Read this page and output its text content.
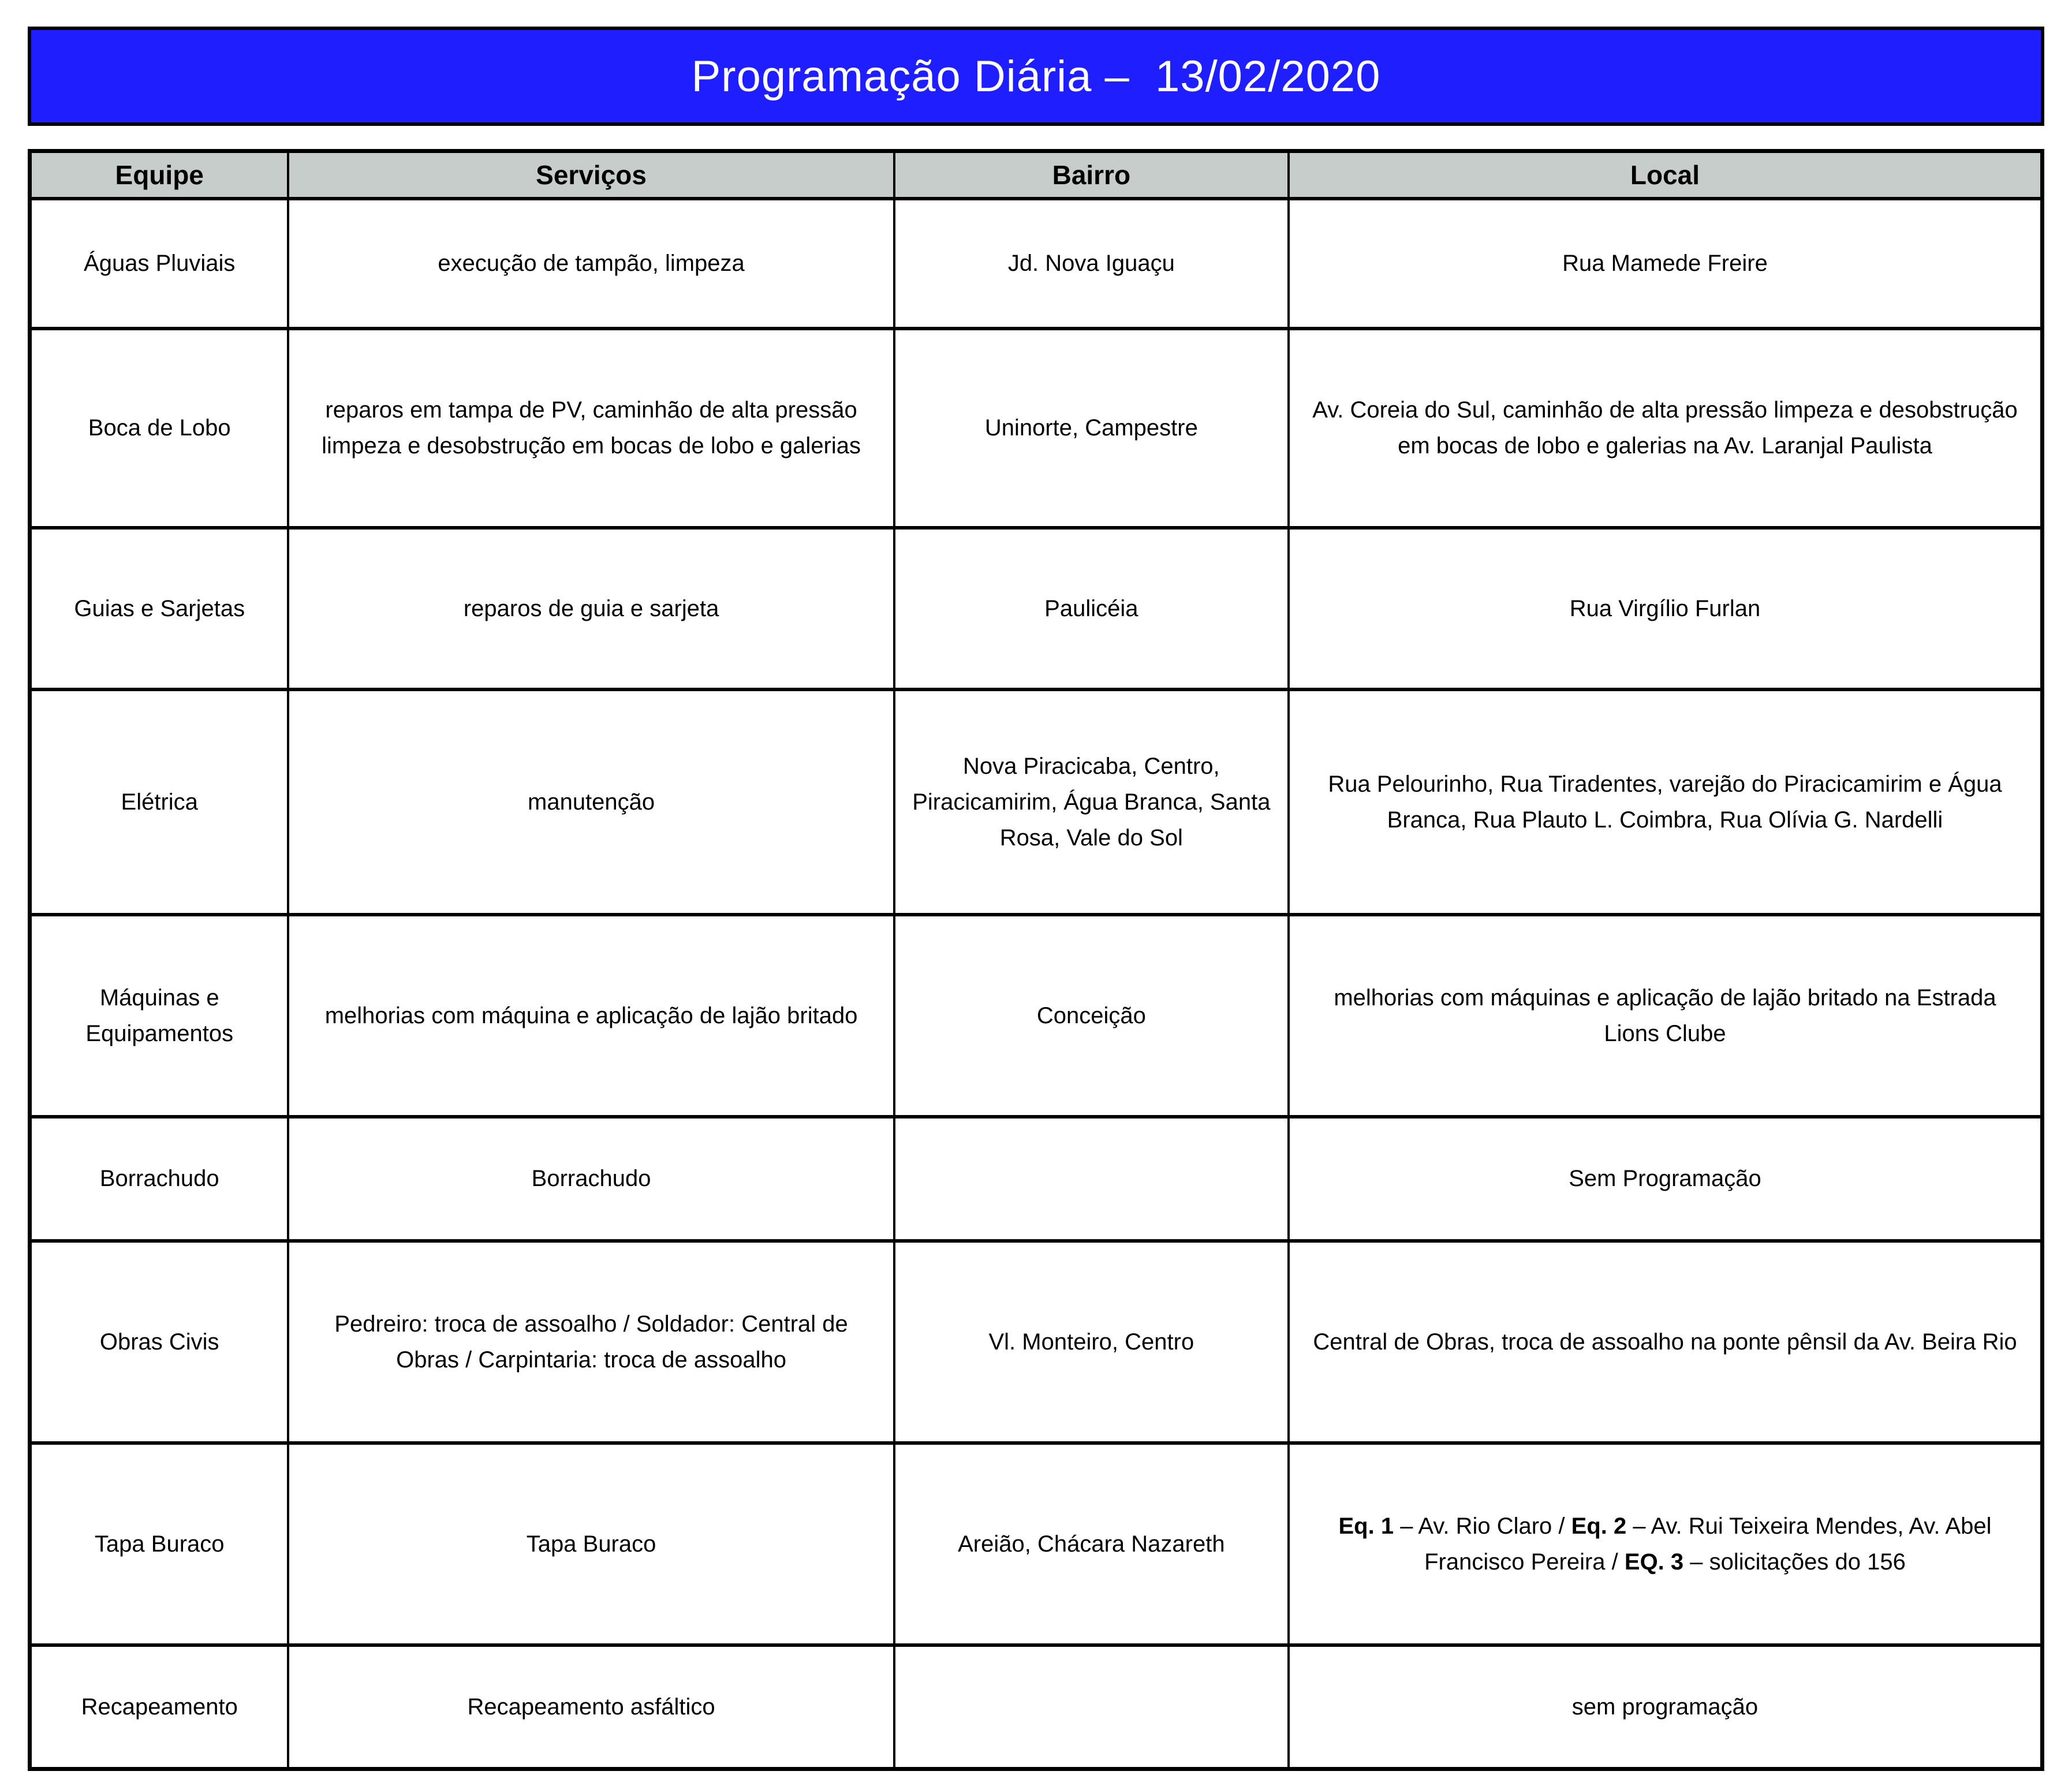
Programação Diária –  13/02/2020
Equipe	Serviços	Bairro	Local
Águas Pluviais	execução de tampão, limpeza	Jd. Nova Iguaçu	Rua Mamede Freire
Boca de Lobo	reparos em tampa de PV, caminhão de alta pressão limpeza e desobstrução em bocas de lobo e galerias	Uninorte, Campestre	Av. Coreia do Sul, caminhão de alta pressão limpeza e desobstrução em bocas de lobo e galerias na Av. Laranjal Paulista
Guias e Sarjetas	reparos de guia e sarjeta	Paulicéia	Rua Virgílio Furlan
Elétrica	manutenção	Nova Piracicaba, Centro, Piracicamirim, Água Branca, Santa Rosa, Vale do Sol	Rua Pelourinho, Rua Tiradentes, varejão do Piracicamirim e Água Branca, Rua Plauto L. Coimbra, Rua Olívia G. Nardelli
Máquinas e Equipamentos	melhorias com máquina e aplicação de lajão britado	Conceição	melhorias com máquinas e aplicação de lajão britado na Estrada Lions Clube
Borrachudo	Borrachudo		Sem Programação
Obras Civis	Pedreiro: troca de assoalho / Soldador: Central de Obras / Carpintaria: troca de assoalho	Vl. Monteiro, Centro	Central de Obras, troca de assoalho na ponte pênsil da Av. Beira Rio
Tapa Buraco	Tapa Buraco	Areião, Chácara Nazareth	Eq. 1 – Av. Rio Claro / Eq. 2 – Av. Rui Teixeira Mendes, Av. Abel Francisco Pereira / EQ. 3 – solicitações do 156
Recapeamento	Recapeamento asfáltico		sem programação
